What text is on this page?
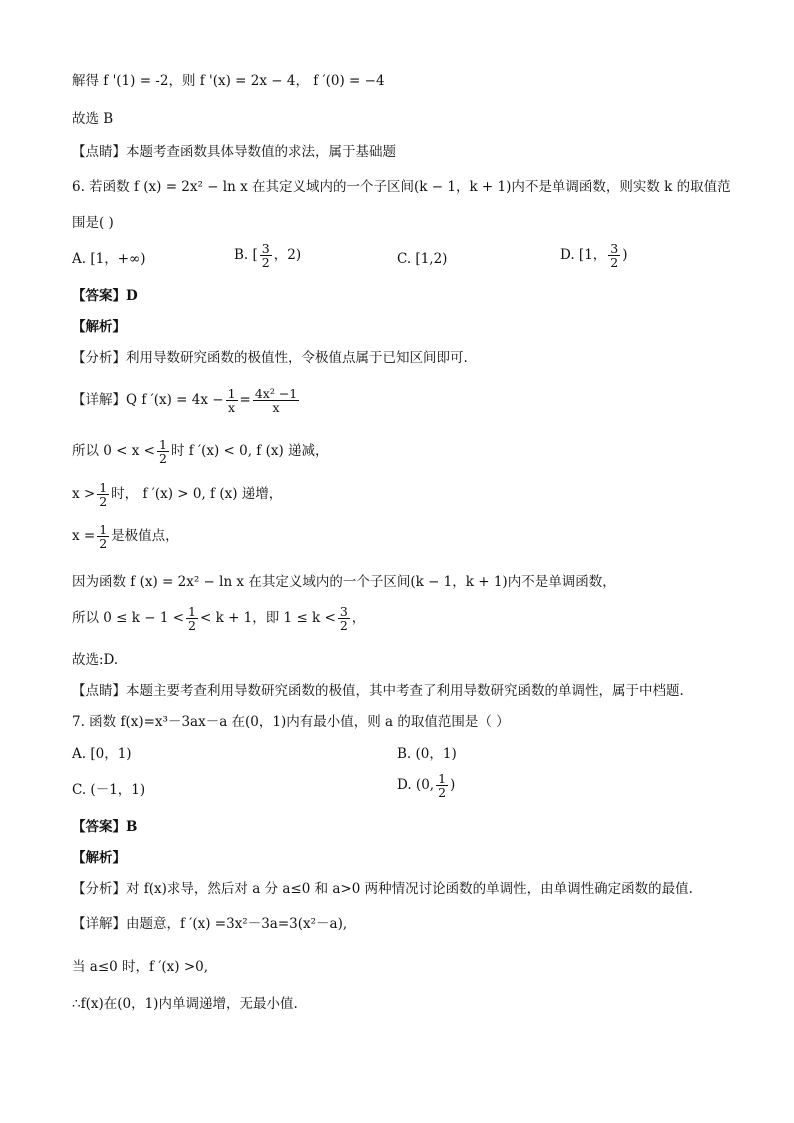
解得 f '(1) = -2，则 f '(x) = 2x − 4， f ′(0) = −4
故选 B
【点睛】本题考查函数具体导数值的求法，属于基础题
6. 若函数 f (x) = 2x² − ln x 在其定义域内的一个子区间(k − 1，k + 1)内不是单调函数，则实数 k 的取值范
围是( )
A. [1，+∞)	B. [ $\frac{3}{2}$ ，2)	C. [1,2)	D. [1， $\frac{3}{2}$ )
【答案】D
【解析】
【分析】利用导数研究函数的极值性，令极值点属于已知区间即可.
【详解】Q f $'(x) = 4x - \frac{1}{x} = \frac{\text{4x² −1}}{x}$
所以 $0 < x < \frac{1}{2}$ 时 f ′(x) < 0, f (x) 递减，
$x > \frac{1}{2}$ 时， f ′(x) > 0, f (x) 递增，
$x = \frac{1}{2}$ 是极值点，
因为函数 f (x) = 2x² − ln x 在其定义域内的一个子区间(k − 1，k + 1)内不是单调函数，
所以 $0 \le k - 1 < \frac{1}{2} < k + 1$，即 $1 \le k < \frac{3}{2}$ ，
故选:D.
【点睛】本题主要考查利用导数研究函数的极值，其中考查了利用导数研究函数的单调性，属于中档题.
7. 函数 f(x)=x³－3ax－a 在(0，1)内有最小值，则 a 的取值范围是（ ）
A. [0，1)	B. (0，1)
C. (－1，1)	D. (0, $\frac{1}{2}$ )
【答案】B
【解析】
【分析】对 f(x)求导，然后对 a 分 a≤0 和 a>0 两种情况讨论函数的单调性，由单调性确定函数的最值.
【详解】由题意，f ′(x) =3x²－3a=3(x²－a),
当 a≤0 时，f ′(x) >0,
∴f(x)在(0，1)内单调递增，无最小值.
